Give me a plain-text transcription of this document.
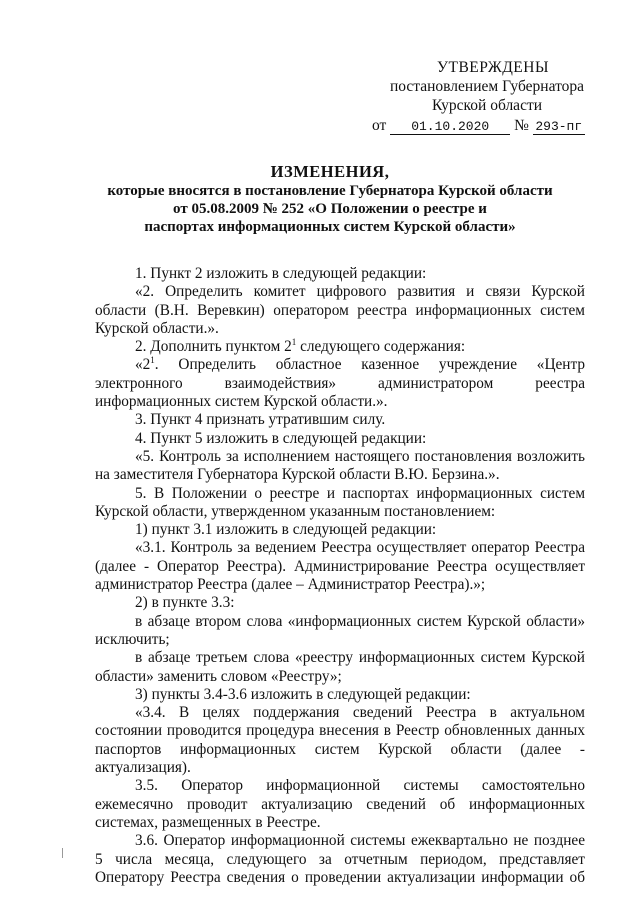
УТВЕРЖДЕНЫ
постановлением Губернатора
Курской области
от 01.10.2020 № 293-пг
ИЗМЕНЕНИЯ,
которые вносятся в постановление Губернатора Курской области
от 05.08.2009 № 252 «О Положении о реестре и
паспортах информационных систем Курской области»

1. Пункт 2 изложить в следующей редакции:

«2. Определить комитет цифрового развития и связи Курской области (В.Н. Веревкин) оператором реестра информационных систем Курской области.».

2. Дополнить пунктом $2^1$ следующего содержания:

«$2^1$. Определить областное казенное учреждение «Центр электронного взаимодействия» администратором реестра информационных систем Курской области.».

3. Пункт 4 признать утратившим силу.

4. Пункт 5 изложить в следующей редакции:

«5. Контроль за исполнением настоящего постановления возложить на заместителя Губернатора Курской области В.Ю. Берзина.».

5. В Положении о реестре и паспортах информационных систем Курской области, утвержденном указанным постановлением:

1) пункт 3.1 изложить в следующей редакции:

«3.1. Контроль за ведением Реестра осуществляет оператор Реестра (далее - Оператор Реестра). Администрирование Реестра осуществляет администратор Реестра (далее – Администратор Реестра).»;

2) в пункте 3.3:

в абзаце втором слова «информационных систем Курской области» исключить;

в абзаце третьем слова «реестру информационных систем Курской области» заменить словом «Реестру»;

3) пункты 3.4-3.6 изложить в следующей редакции:

«3.4. В целях поддержания сведений Реестра в актуальном состоянии проводится процедура внесения в Реестр обновленных данных паспортов информационных систем Курской области (далее - актуализация).

3.5. Оператор информационной системы самостоятельно ежемесячно проводит актуализацию сведений об информационных системах, размещенных в Реестре.

3.6. Оператор информационной системы ежеквартально не позднее 5 числа месяца, следующего за отчетным периодом, представляет Оператору Реестра сведения о проведении актуализации информации об
